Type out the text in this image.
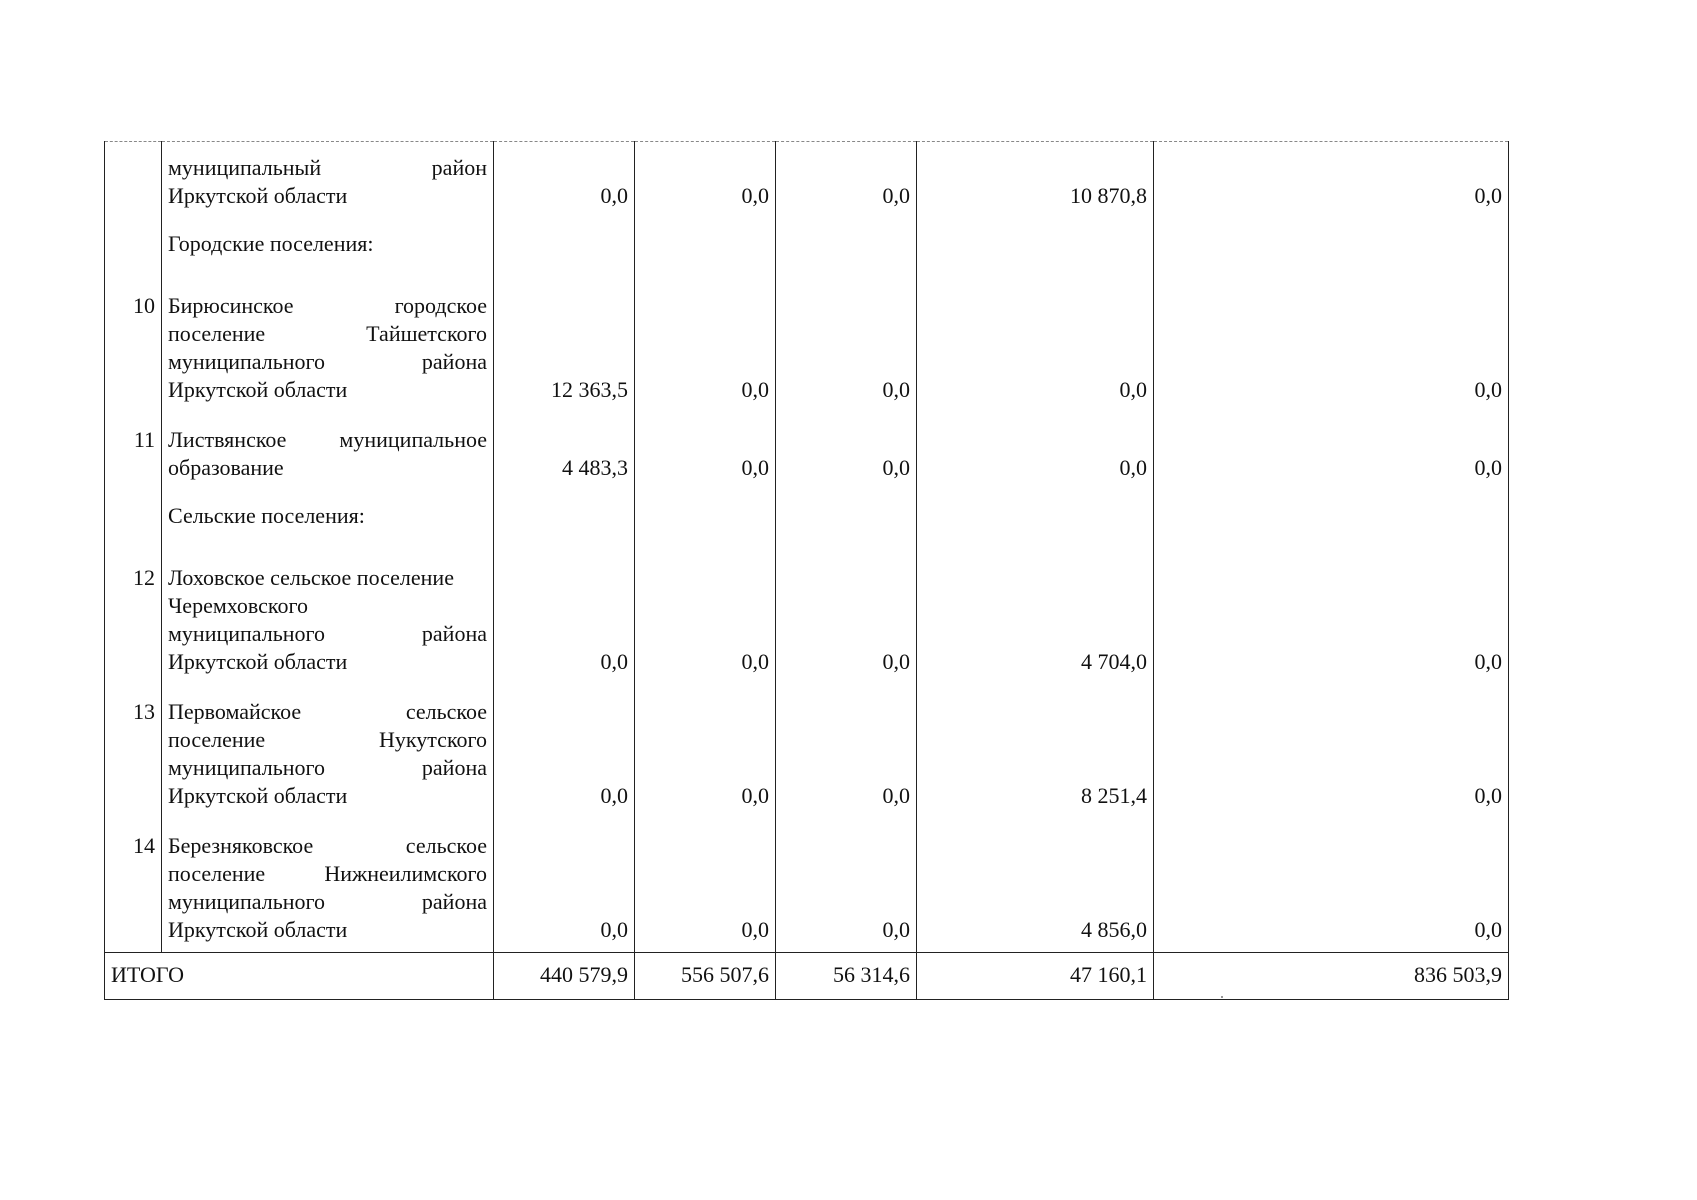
	муниципальный район
Иркутской области	0,0	0,0	0,0	10 870,8	0,0
	Городские поселения:					
10	Бирюсинское городское
поселение Тайшетского
муниципального района
Иркутской области	12 363,5	0,0	0,0	0,0	0,0
11	Листвянское муниципальное
образование	4 483,3	0,0	0,0	0,0	0,0
	Сельские поселения:					
12	Лоховское сельское поселение
Черемховского
муниципального района
Иркутской области	0,0	0,0	0,0	4 704,0	0,0
13	Первомайское сельское
поселение Нукутского
муниципального района
Иркутской области	0,0	0,0	0,0	8 251,4	0,0
14	Березняковское сельское
поселение Нижнеилимского
муниципального района
Иркутской области	0,0	0,0	0,0	4 856,0	0,0
ИТОГО		440 579,9	556 507,6	56 314,6	47 160,1	836 503,9
